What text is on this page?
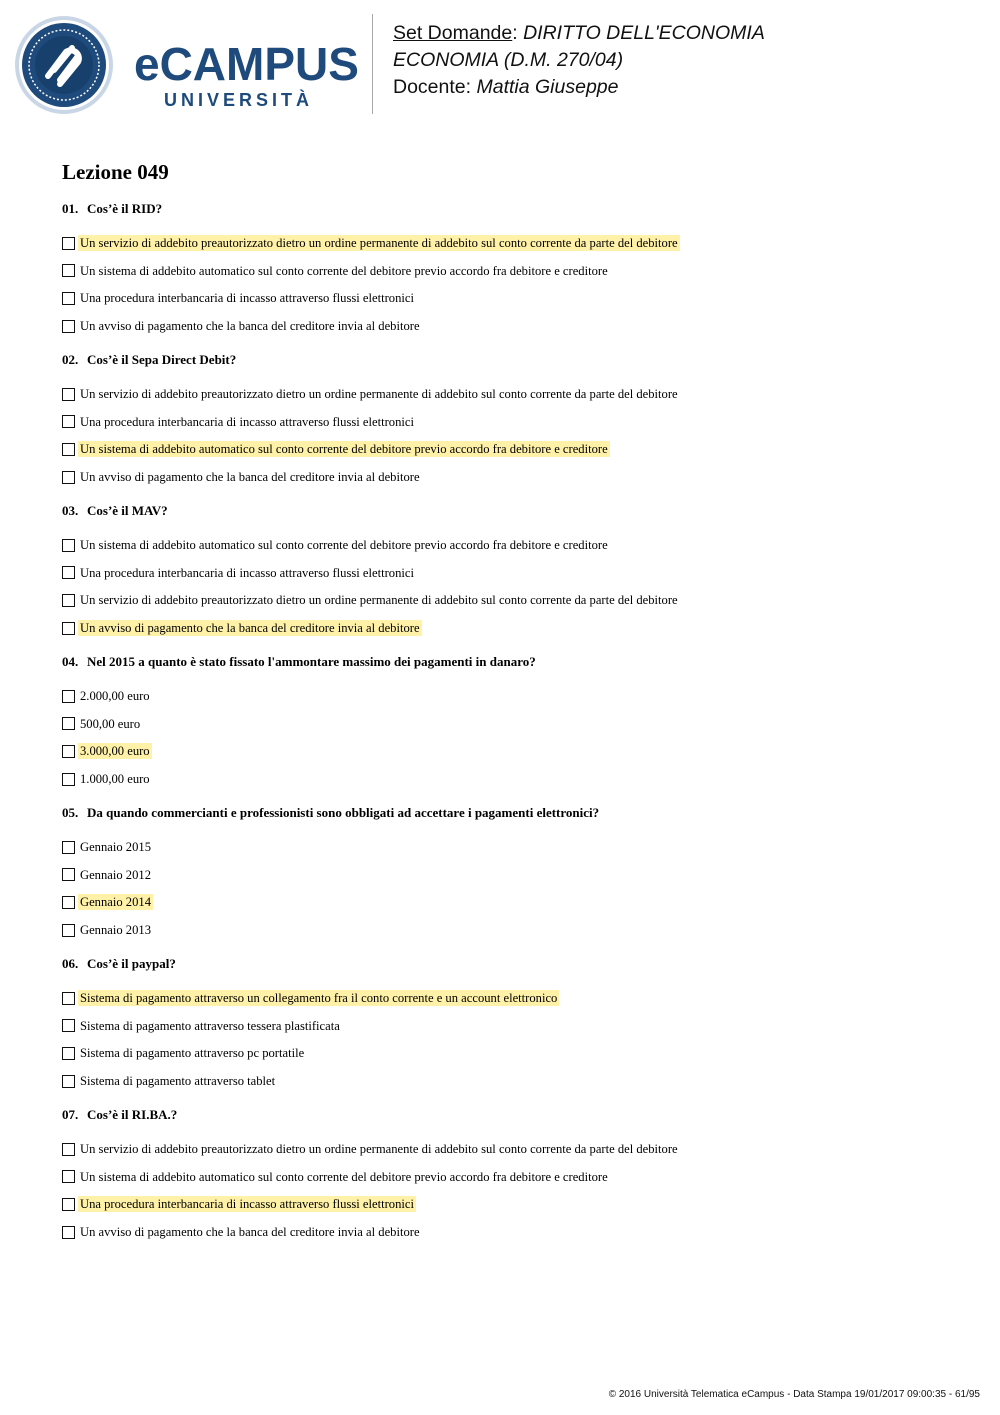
eCAMPUS
UNIVERSITÀ
Set Domande: DIRITTO DELL'ECONOMIA
ECONOMIA (D.M. 270/04)
Docente: Mattia Giuseppe
Lezione 049
01. Cos’è il RID?
Un servizio di addebito preautorizzato dietro un ordine permanente di addebito sul conto corrente da parte del debitore
Un sistema di addebito automatico sul conto corrente del debitore previo accordo fra debitore e creditore
Una procedura interbancaria di incasso attraverso flussi elettronici
Un avviso di pagamento che la banca del creditore invia al debitore
02. Cos’è il Sepa Direct Debit?
Un servizio di addebito preautorizzato dietro un ordine permanente di addebito sul conto corrente da parte del debitore
Una procedura interbancaria di incasso attraverso flussi elettronici
Un sistema di addebito automatico sul conto corrente del debitore previo accordo fra debitore e creditore
Un avviso di pagamento che la banca del creditore invia al debitore
03. Cos’è il MAV?
Un sistema di addebito automatico sul conto corrente del debitore previo accordo fra debitore e creditore
Una procedura interbancaria di incasso attraverso flussi elettronici
Un servizio di addebito preautorizzato dietro un ordine permanente di addebito sul conto corrente da parte del debitore
Un avviso di pagamento che la banca del creditore invia al debitore
04. Nel 2015 a quanto è stato fissato l'ammontare massimo dei pagamenti in danaro?
2.000,00 euro
500,00 euro
3.000,00 euro
1.000,00 euro
05. Da quando commercianti e professionisti sono obbligati ad accettare i pagamenti elettronici?
Gennaio 2015
Gennaio 2012
Gennaio 2014
Gennaio 2013
06. Cos’è il paypal?
Sistema di pagamento attraverso un collegamento fra il conto corrente e un account elettronico
Sistema di pagamento attraverso tessera plastificata
Sistema di pagamento attraverso pc portatile
Sistema di pagamento attraverso tablet
07. Cos’è il RI.BA.?
Un servizio di addebito preautorizzato dietro un ordine permanente di addebito sul conto corrente da parte del debitore
Un sistema di addebito automatico sul conto corrente del debitore previo accordo fra debitore e creditore
Una procedura interbancaria di incasso attraverso flussi elettronici
Un avviso di pagamento che la banca del creditore invia al debitore
© 2016 Università Telematica eCampus - Data Stampa 19/01/2017 09:00:35 - 61/95
